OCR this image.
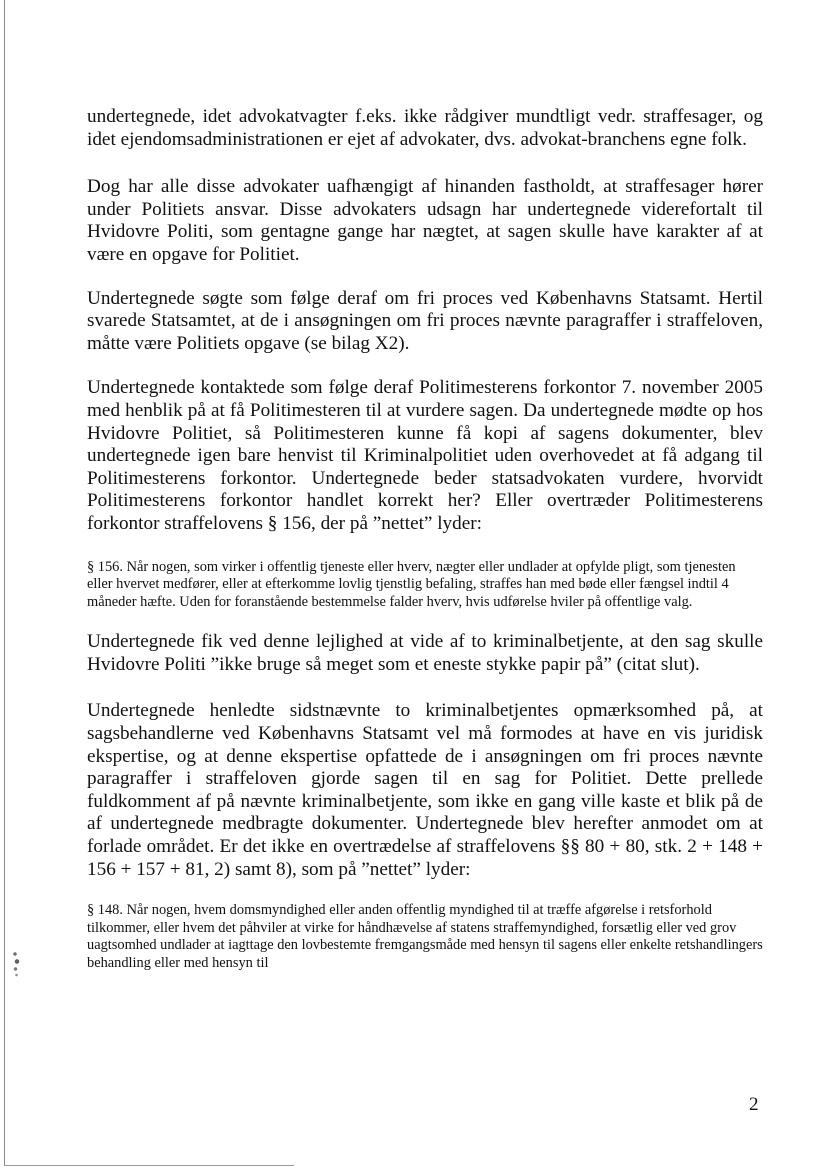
undertegnede, idet advokatvagter f.eks. ikke rådgiver mundtligt vedr. straffesager, og idet ejendomsadministrationen er ejet af advokater, dvs. advokat-branchens egne folk.

Dog har alle disse advokater uafhængigt af hinanden fastholdt, at straffesager hører under Politiets ansvar. Disse advokaters udsagn har undertegnede viderefortalt til Hvidovre Politi, som gentagne gange har nægtet, at sagen skulle have karakter af at være en opgave for Politiet.

Undertegnede søgte som følge deraf om fri proces ved Københavns Statsamt. Hertil svarede Statsamtet, at de i ansøgningen om fri proces nævnte paragraffer i straffeloven, måtte være Politiets opgave (se bilag X2).

Undertegnede kontaktede som følge deraf Politimesterens forkontor 7. november 2005 med henblik på at få Politimesteren til at vurdere sagen. Da undertegnede mødte op hos Hvidovre Politiet, så Politimesteren kunne få kopi af sagens dokumenter, blev undertegnede igen bare henvist til Kriminalpolitiet uden overhovedet at få adgang til Politimesterens forkontor. Undertegnede beder statsadvokaten vurdere, hvorvidt Politimesterens forkontor handlet korrekt her? Eller overtræder Politimesterens forkontor straffelovens § 156, der på ”nettet” lyder:

§ 156. Når nogen, som virker i offentlig tjeneste eller hverv, nægter eller undlader at opfylde pligt, som tjenesten eller hvervet medfører, eller at efterkomme lovlig tjenstlig befaling, straffes han med bøde eller fængsel indtil 4 måneder hæfte. Uden for foranstående bestemmelse falder hverv, hvis udførelse hviler på offentlige valg.

Undertegnede fik ved denne lejlighed at vide af to kriminalbetjente, at den sag skulle Hvidovre Politi ”ikke bruge så meget som et eneste stykke papir på” (citat slut).

Undertegnede henledte sidstnævnte to kriminalbetjentes opmærksomhed på, at sagsbehandlerne ved Københavns Statsamt vel må formodes at have en vis juridisk ekspertise, og at denne ekspertise opfattede de i ansøgningen om fri proces nævnte paragraffer i straffeloven gjorde sagen til en sag for Politiet. Dette prellede fuldkomment af på nævnte kriminalbetjente, som ikke en gang ville kaste et blik på de af undertegnede medbragte dokumenter. Undertegnede blev herefter anmodet om at forlade området. Er det ikke en overtrædelse af straffelovens §§ 80 + 80, stk. 2 + 148 + 156 + 157 + 81, 2) samt 8), som på ”nettet” lyder:

§ 148. Når nogen, hvem domsmyndighed eller anden offentlig myndighed til at træffe afgørelse i retsforhold tilkommer, eller hvem det påhviler at virke for håndhævelse af statens straffemyndighed, forsætlig eller ved grov uagtsomhed undlader at iagttage den lovbestemte fremgangsmåde med hensyn til sagens eller enkelte retshandlingers behandling eller med hensyn til

2
